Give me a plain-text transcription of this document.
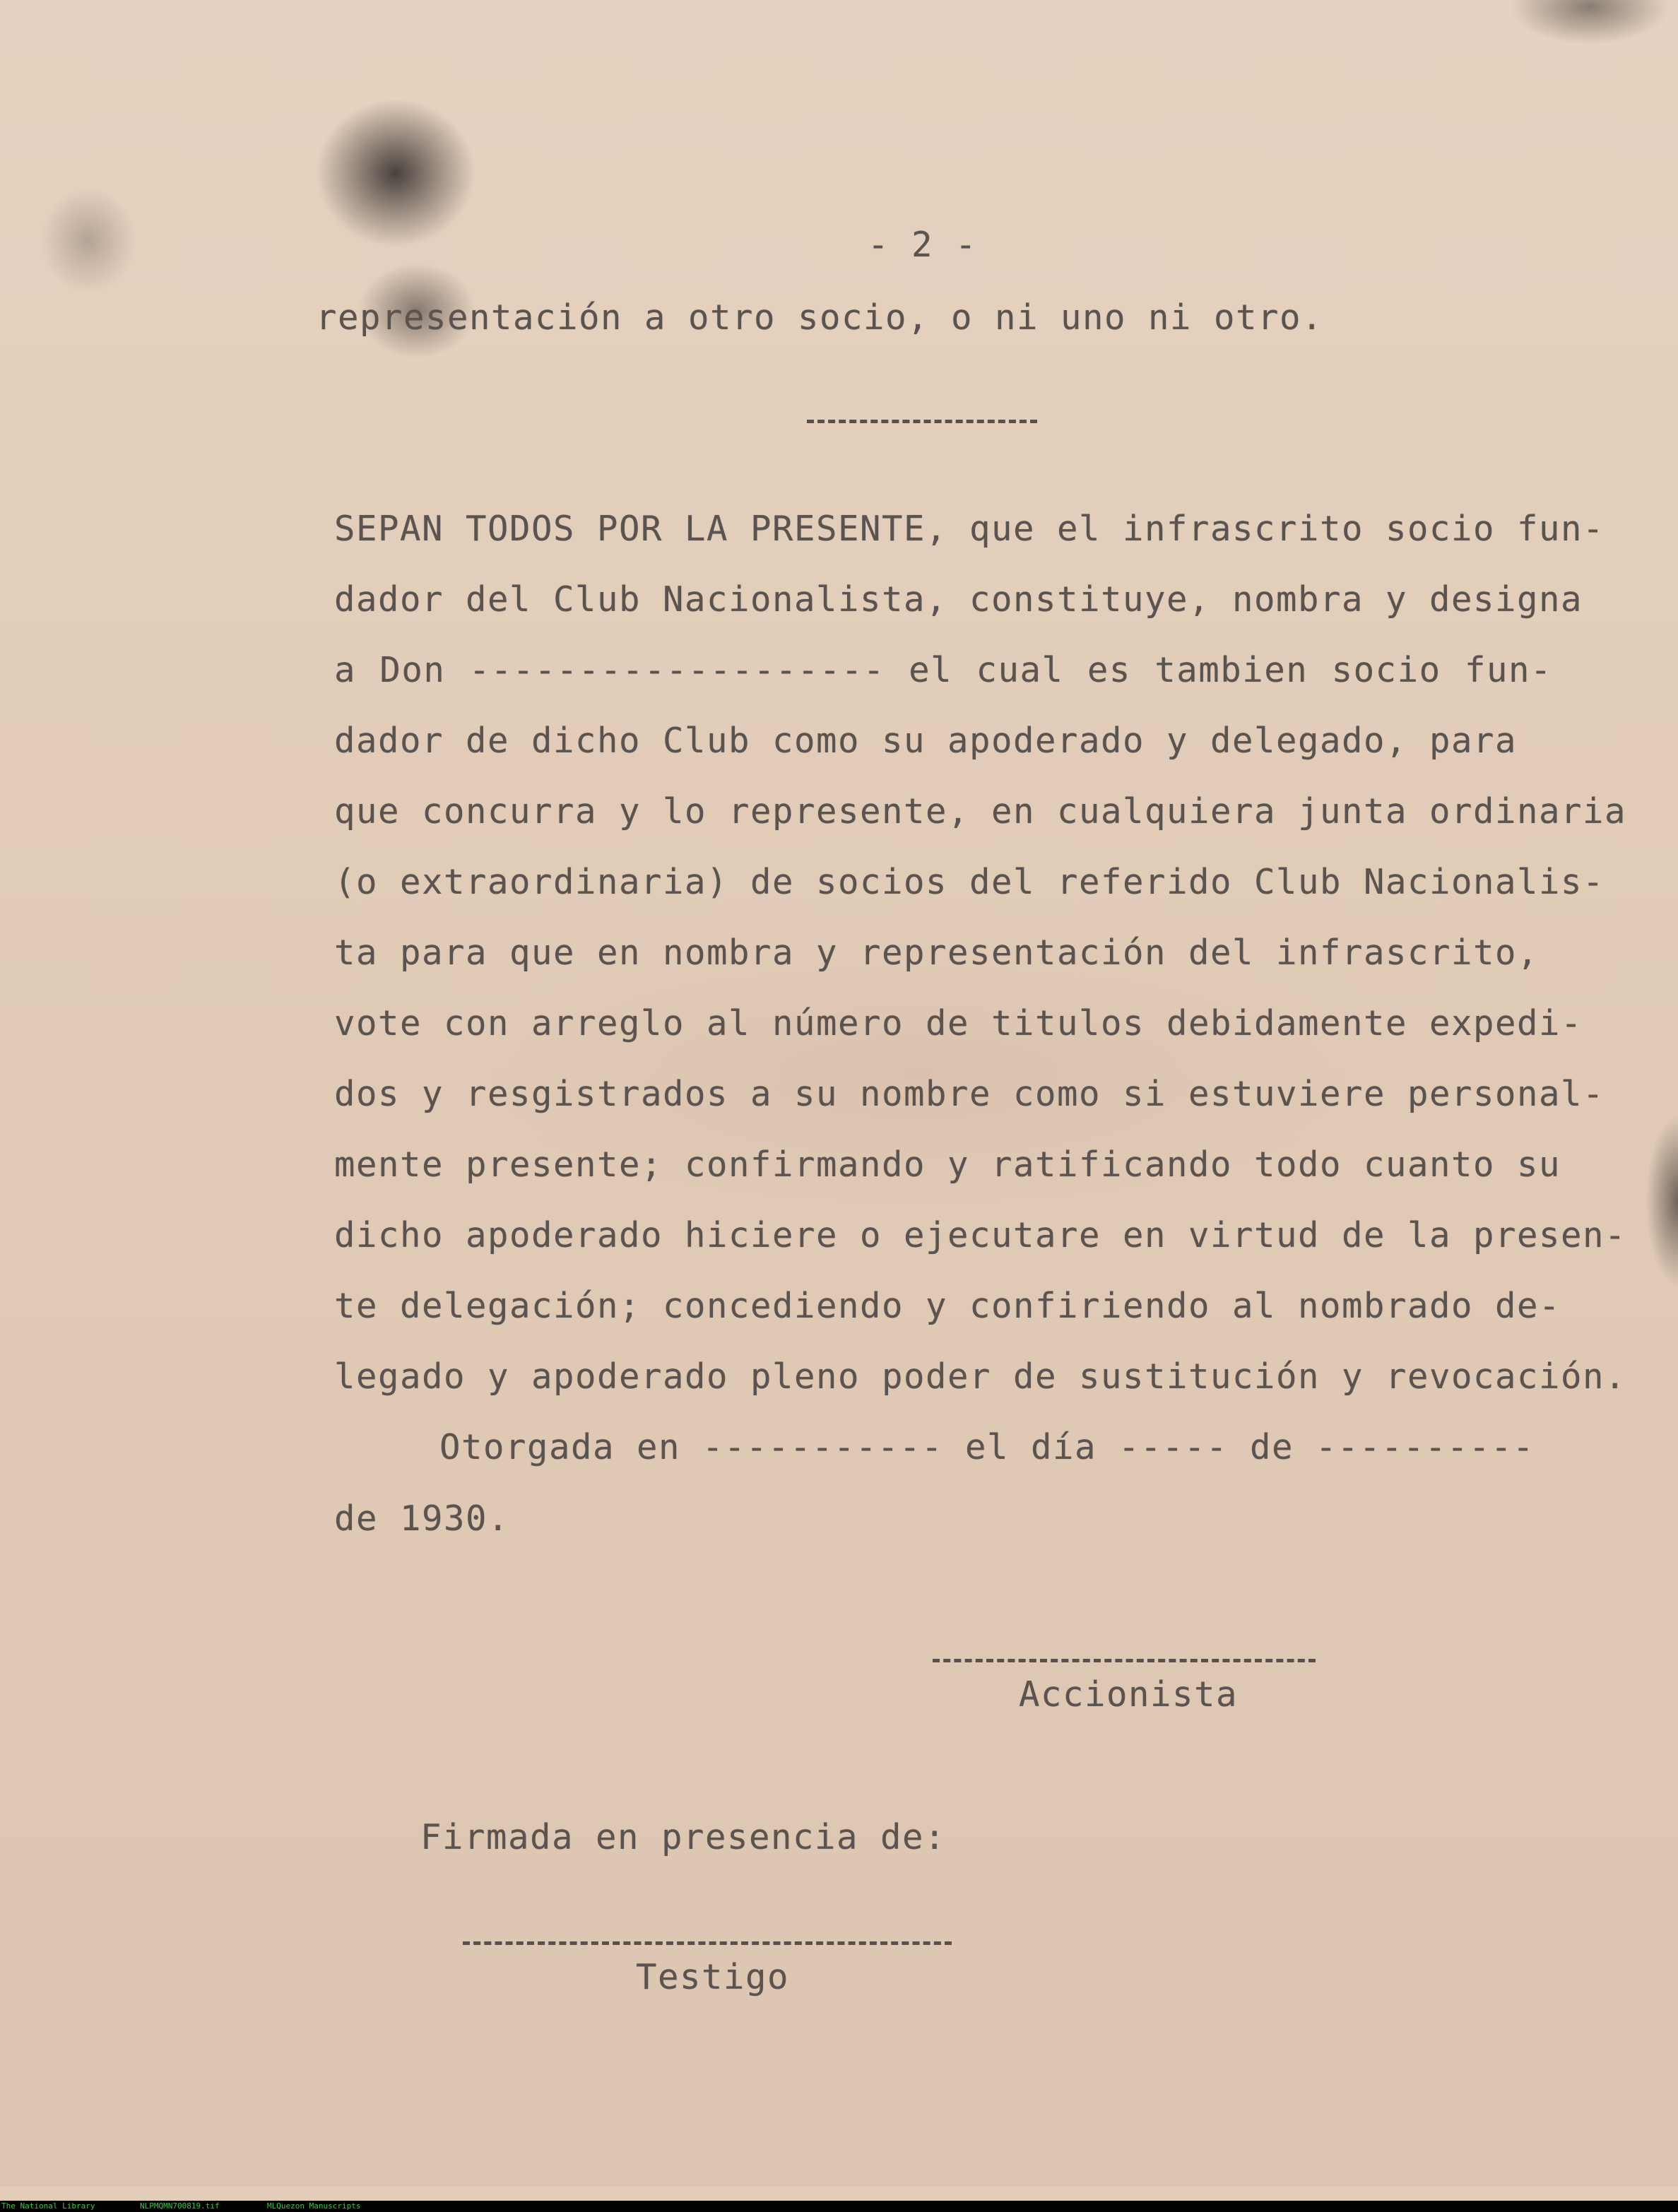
- 2 -
representación a otro socio, o ni uno ni otro.
SEPAN TODOS POR LA PRESENTE, que el infrascrito socio fun-
dador del Club Nacionalista, constituye, nombra y designa
a Don ------------------- el cual es tambien socio fun-
dador de dicho Club como su apoderado y delegado, para
que concurra y lo represente, en cualquiera junta ordinaria
(o extraordinaria) de socios del referido Club Nacionalis-
ta para que en nombra y representación del infrascrito,
vote con arreglo al número de titulos debidamente expedi-
dos y resgistrados a su nombre como si estuviere personal-
mente presente; confirmando y ratificando todo cuanto su
dicho apoderado hiciere o ejecutare en virtud de la presen-
te delegación; concediendo y confiriendo al nombrado de-
legado y apoderado pleno poder de sustitución y revocación.
Otorgada en ----------- el día ----- de ----------
de 1930.
Accionista
Firmada en presencia de:
Testigo

The National Library

	NLPMQMN700819.tif

	MLQuezon Manuscripts
